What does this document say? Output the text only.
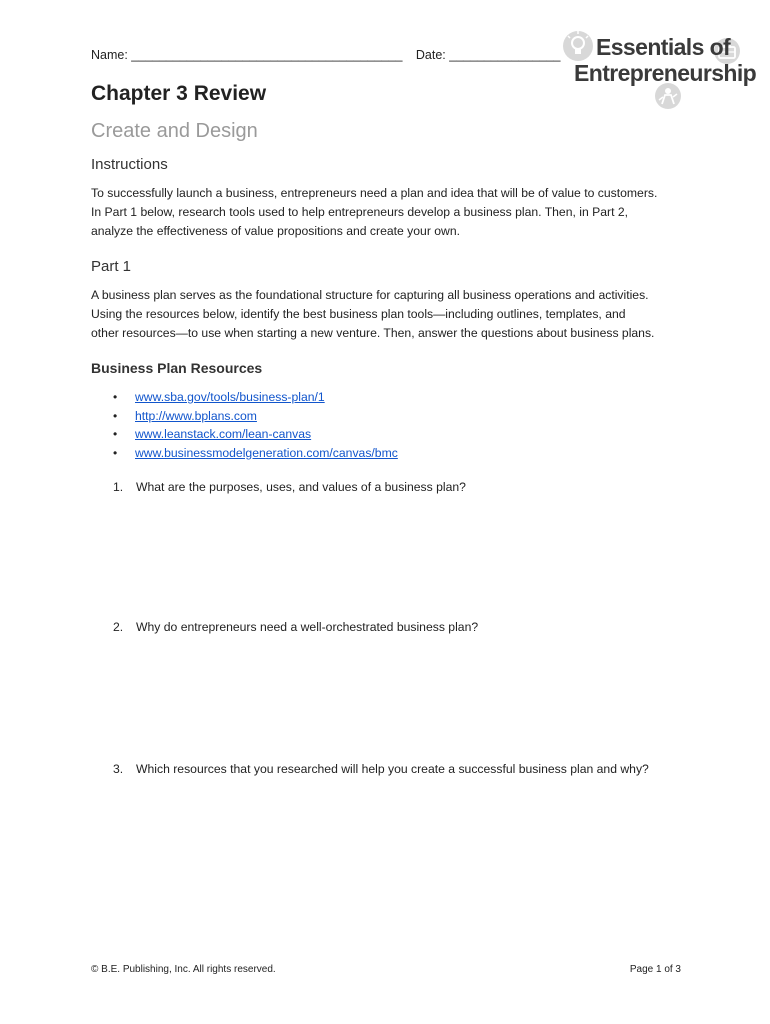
Name: _______________________________________ Date: ________________ Essentials of
Entrepreneurship
Chapter 3 Review
Create and Design
Instructions
To successfully launch a business, entrepreneurs need a plan and idea that will be of value to customers.
In Part 1 below, research tools used to help entrepreneurs develop a business plan. Then, in Part 2,
analyze the effectiveness of value propositions and create your own.
Part 1
A business plan serves as the foundational structure for capturing all business operations and activities.
Using the resources below, identify the best business plan tools—including outlines, templates, and
other resources—to use when starting a new venture. Then, answer the questions about business plans.
Business Plan Resources
• www.sba.gov/tools/business-plan/1
• http://www.bplans.com
• www.leanstack.com/lean-canvas
• www.businessmodelgeneration.com/canvas/bmc
1. What are the purposes, uses, and values of a business plan?
2. Why do entrepreneurs need a well-orchestrated business plan?
3. Which resources that you researched will help you create a successful business plan and why?
© B.E. Publishing, Inc. All rights reserved.	Page 1 of 3
